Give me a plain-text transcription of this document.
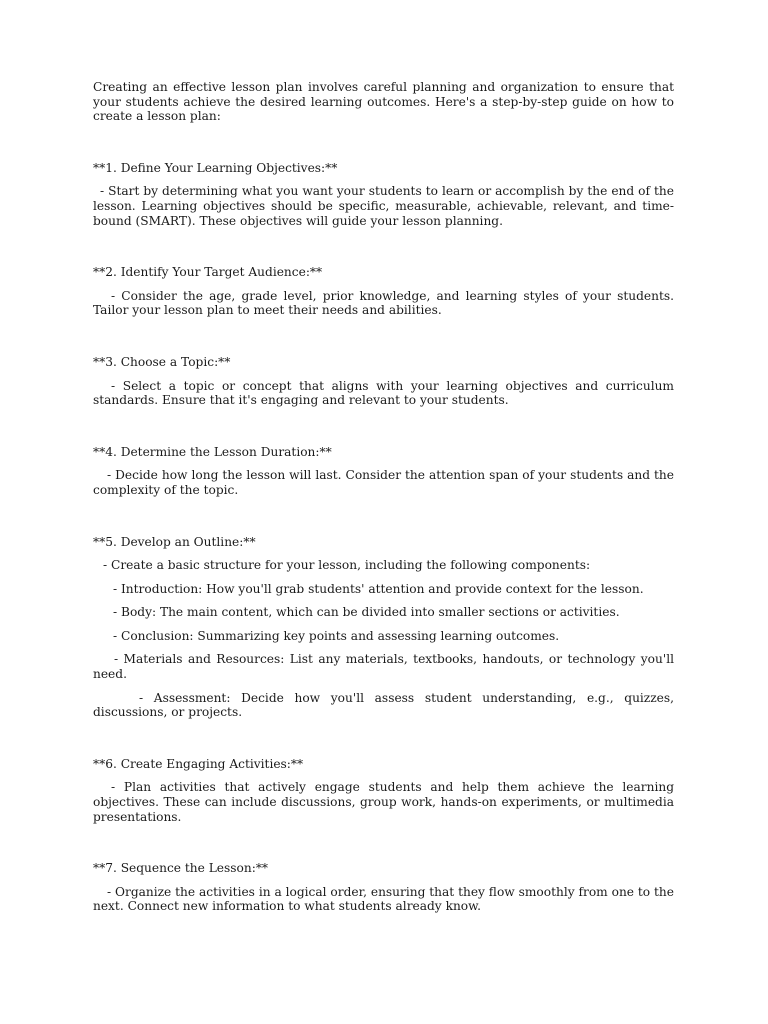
Creating an effective lesson plan involves careful planning and organization to ensure that your students achieve the desired learning outcomes. Here's a step-by-step guide on how to create a lesson plan:

**1. Define Your Learning Objectives:**

- Start by determining what you want your students to learn or accomplish by the end of the lesson. Learning objectives should be specific, measurable, achievable, relevant, and time-bound (SMART). These objectives will guide your lesson planning.

**2. Identify Your Target Audience:**

- Consider the age, grade level, prior knowledge, and learning styles of your students. Tailor your lesson plan to meet their needs and abilities.

**3. Choose a Topic:**

- Select a topic or concept that aligns with your learning objectives and curriculum standards. Ensure that it's engaging and relevant to your students.

**4. Determine the Lesson Duration:**

- Decide how long the lesson will last. Consider the attention span of your students and the complexity of the topic.

**5. Develop an Outline:**

- Create a basic structure for your lesson, including the following components:

- Introduction: How you'll grab students' attention and provide context for the lesson.

- Body: The main content, which can be divided into smaller sections or activities.

- Conclusion: Summarizing key points and assessing learning outcomes.

- Materials and Resources: List any materials, textbooks, handouts, or technology you'll need.

- Assessment: Decide how you'll assess student understanding, e.g., quizzes, discussions, or projects.

**6. Create Engaging Activities:**

- Plan activities that actively engage students and help them achieve the learning objectives. These can include discussions, group work, hands-on experiments, or multimedia presentations.

**7. Sequence the Lesson:**

- Organize the activities in a logical order, ensuring that they flow smoothly from one to the next. Connect new information to what students already know.
